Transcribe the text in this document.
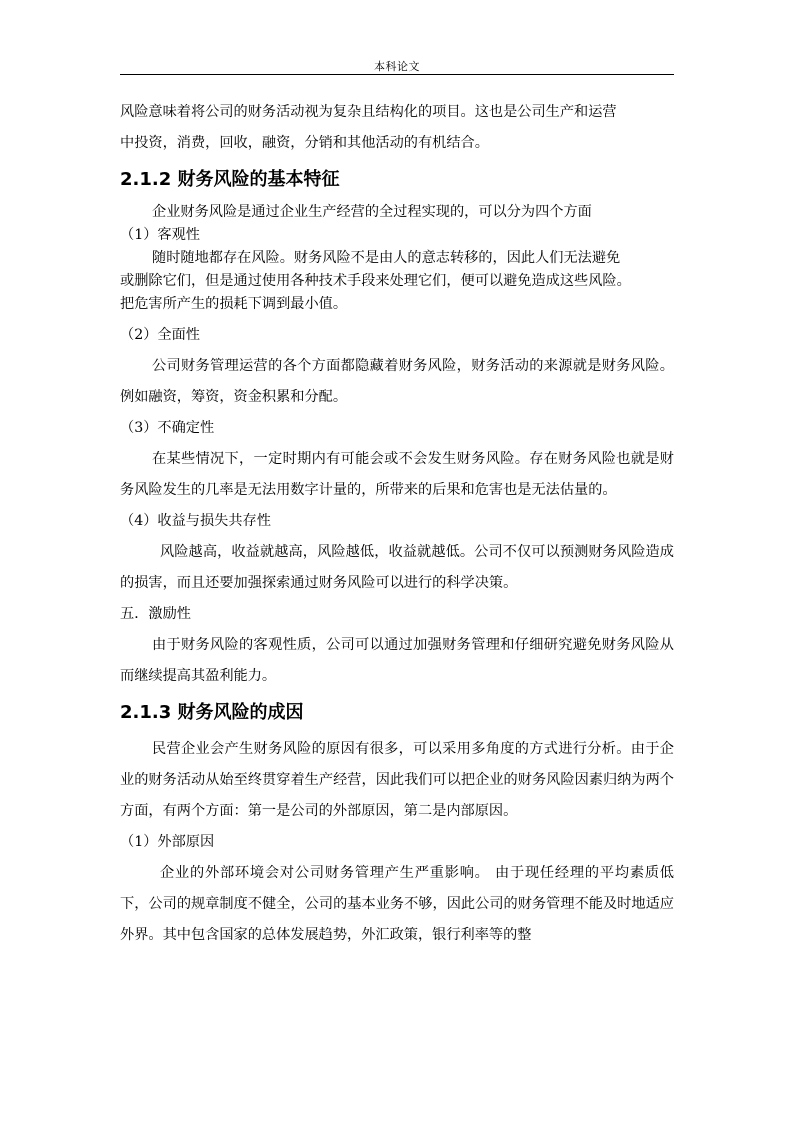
本科论文

风险意味着将公司的财务活动视为复杂且结构化的项目。这也是公司生产和运营

中投资，消费，回收，融资，分销和其他活动的有机结合。

2.1.2 财务风险的基本特征

企业财务风险是通过企业生产经营的全过程实现的，可以分为四个方面

（1）客观性

随时随地都存在风险。财务风险不是由人的意志转移的，因此人们无法避免

或删除它们，但是通过使用各种技术手段来处理它们，便可以避免造成这些风险。

把危害所产生的损耗下调到最小值。

（2）全面性

公司财务管理运营的各个方面都隐藏着财务风险，财务活动的来源就是财务风险。例如融资，筹资，资金积累和分配。

（3）不确定性

在某些情况下，一定时期内有可能会或不会发生财务风险。存在财务风险也就是财务风险发生的几率是无法用数字计量的，所带来的后果和危害也是无法估量的。

（4）收益与损失共存性

风险越高，收益就越高，风险越低，收益就越低。公司不仅可以预测财务风险造成的损害，而且还要加强探索通过财务风险可以进行的科学决策。

五．激励性

由于财务风险的客观性质，公司可以通过加强财务管理和仔细研究避免财务风险从而继续提高其盈利能力。

2.1.3 财务风险的成因

民营企业会产生财务风险的原因有很多，可以采用多角度的方式进行分析。由于企业的财务活动从始至终贯穿着生产经营，因此我们可以把企业的财务风险因素归纳为两个方面，有两个方面：第一是公司的外部原因，第二是内部原因。

（1）外部原因

企业的外部环境会对公司财务管理产生严重影响。 由于现任经理的平均素质低下，公司的规章制度不健全，公司的基本业务不够，因此公司的财务管理不能及时地适应外界。其中包含国家的总体发展趋势，外汇政策，银行利率等的整
